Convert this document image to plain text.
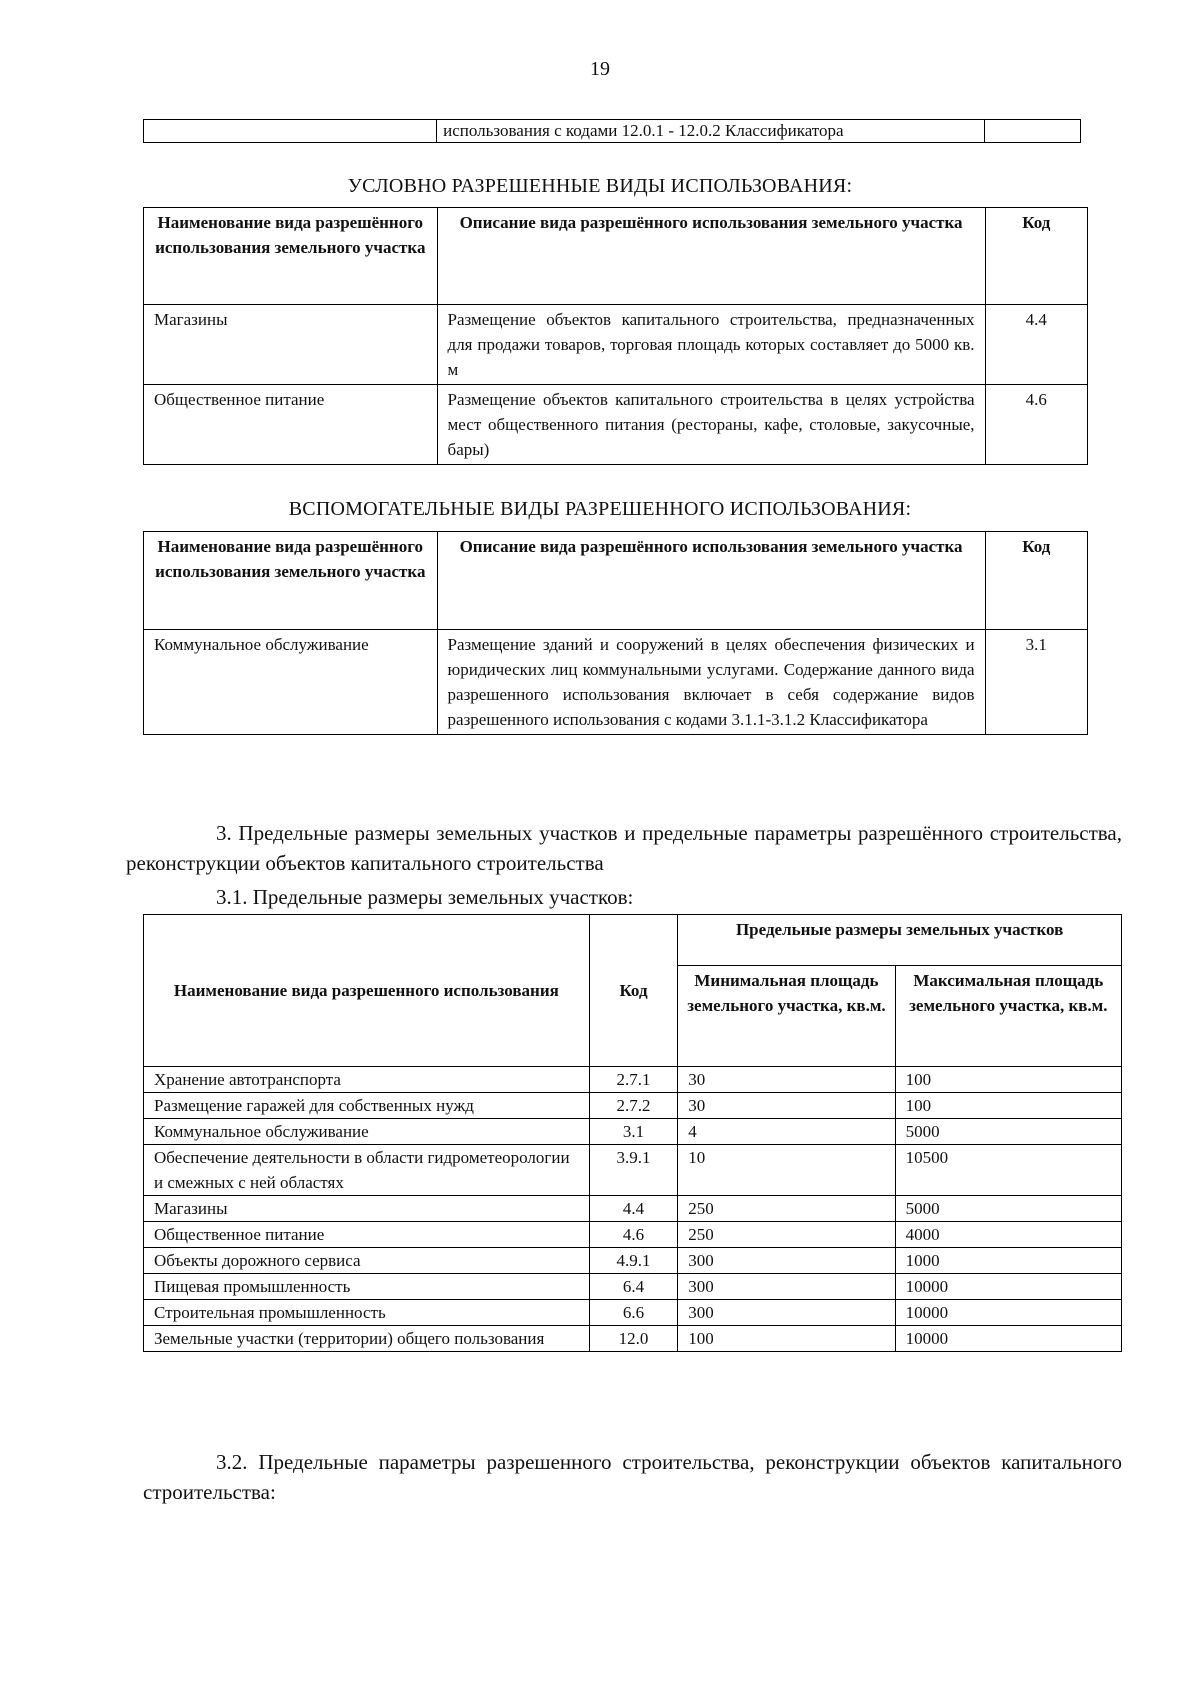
19
	использования с кодами 12.0.1 - 12.0.2 Классификатора	
УСЛОВНО РАЗРЕШЕННЫЕ ВИДЫ ИСПОЛЬЗОВАНИЯ:
Наименование вида разрешённого использования земельного участка	Описание вида разрешённого использования земельного участка	Код
Магазины	Размещение объектов капитального строительства, предназначенных для продажи товаров, торговая площадь которых составляет до 5000 кв. м	4.4
Общественное питание	Размещение объектов капитального строительства в целях устройства мест общественного питания (рестораны, кафе, столовые, закусочные, бары)	4.6
ВСПОМОГАТЕЛЬНЫЕ ВИДЫ РАЗРЕШЕННОГО ИСПОЛЬЗОВАНИЯ:
Наименование вида разрешённого использования земельного участка	Описание вида разрешённого использования земельного участка	Код
Коммунальное обслуживание	Размещение зданий и сооружений в целях обеспечения физических и юридических лиц коммунальными услугами. Содержание данного вида разрешенного использования включает в себя содержание видов разрешенного использования с кодами 3.1.1-3.1.2 Классификатора	3.1
3. Предельные размеры земельных участков и предельные параметры разрешённого строительства, реконструкции объектов капитального строительства
3.1. Предельные размеры земельных участков:
Наименование вида разрешенного использования	Код	Предельные размеры земельных участков	
		Минимальная площадь земельного участка, кв.м.	Максимальная площадь земельного участка, кв.м.
Хранение автотранспорта	2.7.1	30	100
Размещение гаражей для собственных нужд	2.7.2	30	100
Коммунальное обслуживание	3.1	4	5000
Обеспечение деятельности в области гидрометеорологии и смежных с ней областях	3.9.1	10	10500
Магазины	4.4	250	5000
Общественное питание	4.6	250	4000
Объекты дорожного сервиса	4.9.1	300	1000
Пищевая промышленность	6.4	300	10000
Строительная промышленность	6.6	300	10000
Земельные участки (территории) общего пользования	12.0	100	10000
3.2. Предельные параметры разрешенного строительства, реконструкции объектов капитального строительства:
